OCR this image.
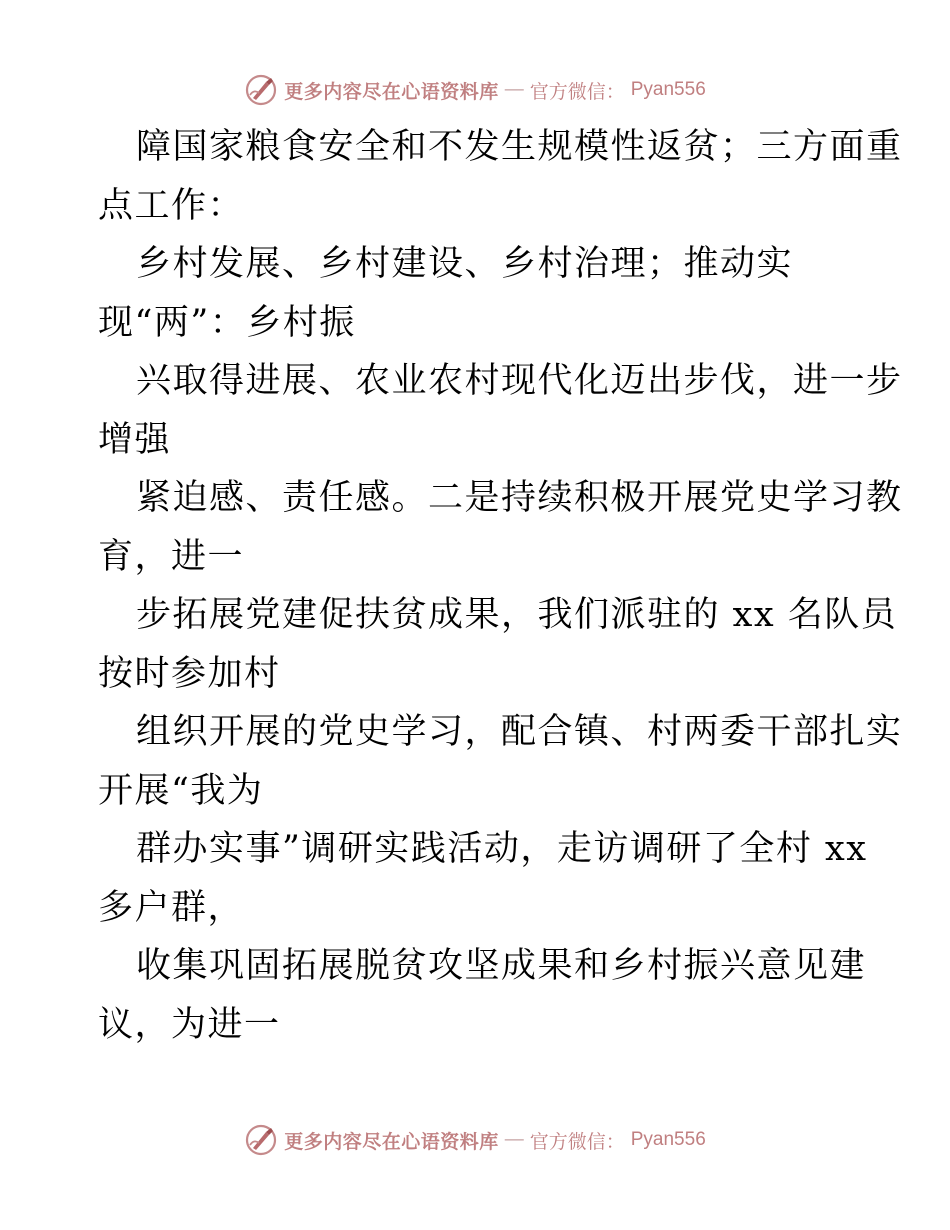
更多内容尽在心语资料库 — 官方微信： Pyan556
障国家粮食安全和不发生规模性返贫；三方面重
点工作：
乡村发展、乡村建设、乡村治理；推动实
现“两”：乡村振
兴取得进展、农业农村现代化迈出步伐，进一步
增强
紧迫感、责任感。二是持续积极开展党史学习教
育，进一
步拓展党建促扶贫成果，我们派驻的 xx 名队员
按时参加村
组织开展的党史学习，配合镇、村两委干部扎实
开展“我为
群办实事”调研实践活动，走访调研了全村 xx
多户群，
收集巩固拓展脱贫攻坚成果和乡村振兴意见建
议，为进一
更多内容尽在心语资料库 — 官方微信： Pyan556
